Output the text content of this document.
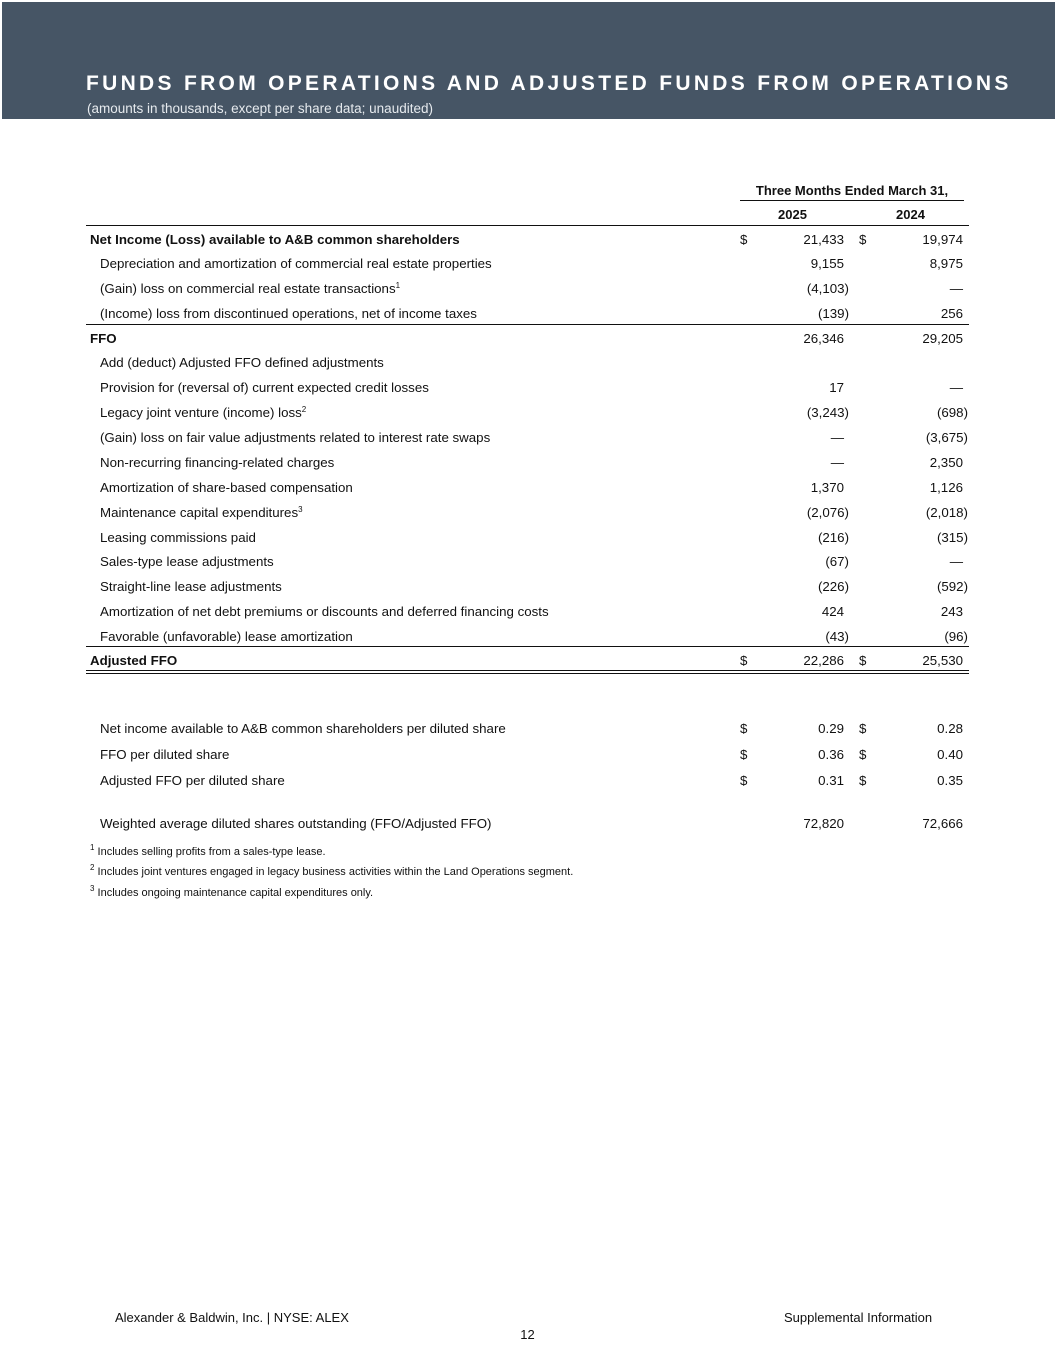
FUNDS FROM OPERATIONS AND ADJUSTED FUNDS FROM OPERATIONS
(amounts in thousands, except per share data; unaudited)
Three Months Ended March 31,
2025	2024
Net Income (Loss) available to A&B common shareholders	$	21,433 $	19,974
Depreciation and amortization of commercial real estate properties	9,155	8,975
(Gain) loss on commercial real estate transactions$^1$	(4,103)	—
(Income) loss from discontinued operations, net of income taxes	(139)	256
FFO	26,346	29,205
Add (deduct) Adjusted FFO defined adjustments
Provision for (reversal of) current expected credit losses	17	—
Legacy joint venture (income) loss$^2$	(3,243)	(698)
(Gain) loss on fair value adjustments related to interest rate swaps	—	(3,675)
Non-recurring financing-related charges	—	2,350
Amortization of share-based compensation	1,370	1,126
Maintenance capital expenditures$^3$	(2,076)	(2,018)
Leasing commissions paid	(216)	(315)
Sales-type lease adjustments	(67)	—
Straight-line lease adjustments	(226)	(592)
Amortization of net debt premiums or discounts and deferred financing costs	424	243
Favorable (unfavorable) lease amortization	(43)	(96)
Adjusted FFO	$	22,286 $	25,530
Net income available to A&B common shareholders per diluted share	$	0.29 $	0.28
FFO per diluted share	$	0.36 $	0.40
Adjusted FFO per diluted share	$	0.31 $	0.35
Weighted average diluted shares outstanding (FFO/Adjusted FFO)	72,820	72,666
$^1$ Includes selling profits from a sales-type lease.
$^2$ Includes joint ventures engaged in legacy business activities within the Land Operations segment.
$^3$ Includes ongoing maintenance capital expenditures only.
Alexander & Baldwin, Inc. | NYSE: ALEX	Supplemental Information
12
